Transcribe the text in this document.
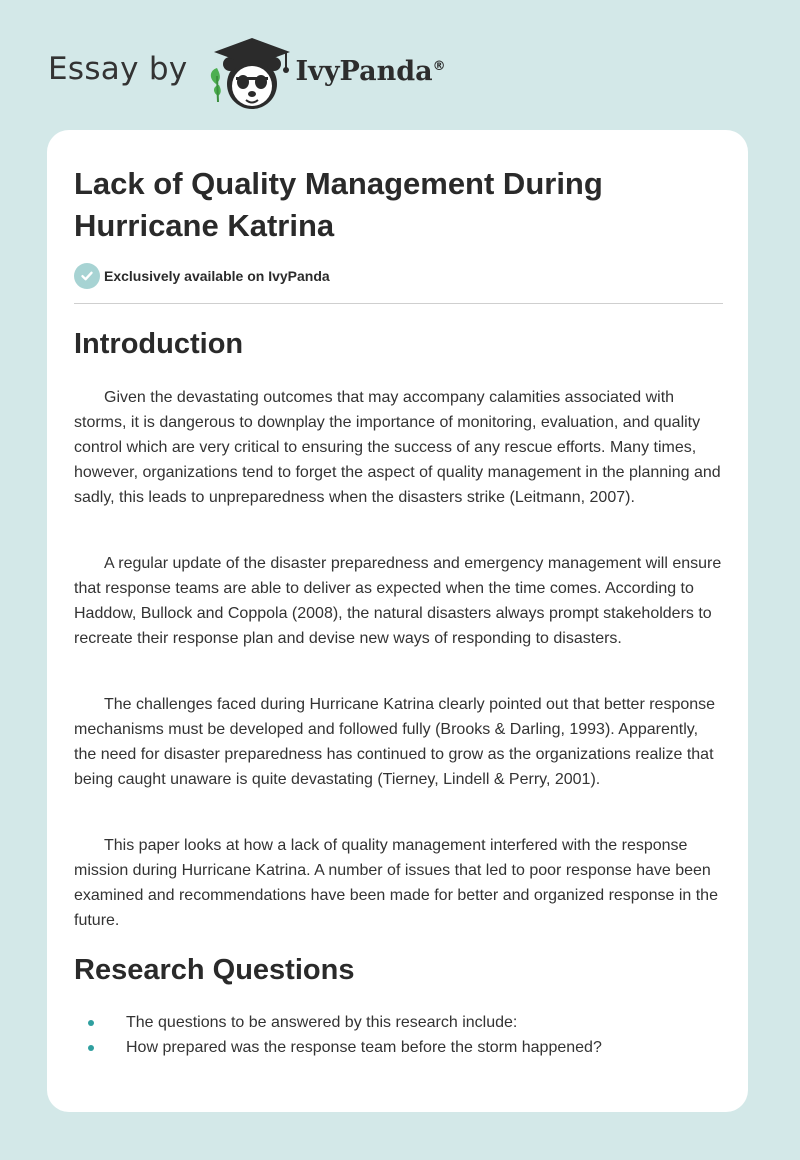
Essay by	IvyPanda®
Lack of Quality Management During Hurricane Katrina
Exclusively available on IvyPanda
Introduction

Given the devastating outcomes that may accompany calamities associated with storms, it is dangerous to downplay the importance of monitoring, evaluation, and quality control which are very critical to ensuring the success of any rescue efforts. Many times, however, organizations tend to forget the aspect of quality management in the planning and sadly, this leads to unpreparedness when the disasters strike (Leitmann, 2007).

A regular update of the disaster preparedness and emergency management will ensure that response teams are able to deliver as expected when the time comes. According to Haddow, Bullock and Coppola (2008), the natural disasters always prompt stakeholders to recreate their response plan and devise new ways of responding to disasters.

The challenges faced during Hurricane Katrina clearly pointed out that better response mechanisms must be developed and followed fully (Brooks & Darling, 1993). Apparently, the need for disaster preparedness has continued to grow as the organizations realize that being caught unaware is quite devastating (Tierney, Lindell & Perry, 2001).

This paper looks at how a lack of quality management interfered with the response mission during Hurricane Katrina. A number of issues that led to poor response have been examined and recommendations have been made for better and organized response in the future.

Research Questions
The questions to be answered by this research include:
How prepared was the response team before the storm happened?
